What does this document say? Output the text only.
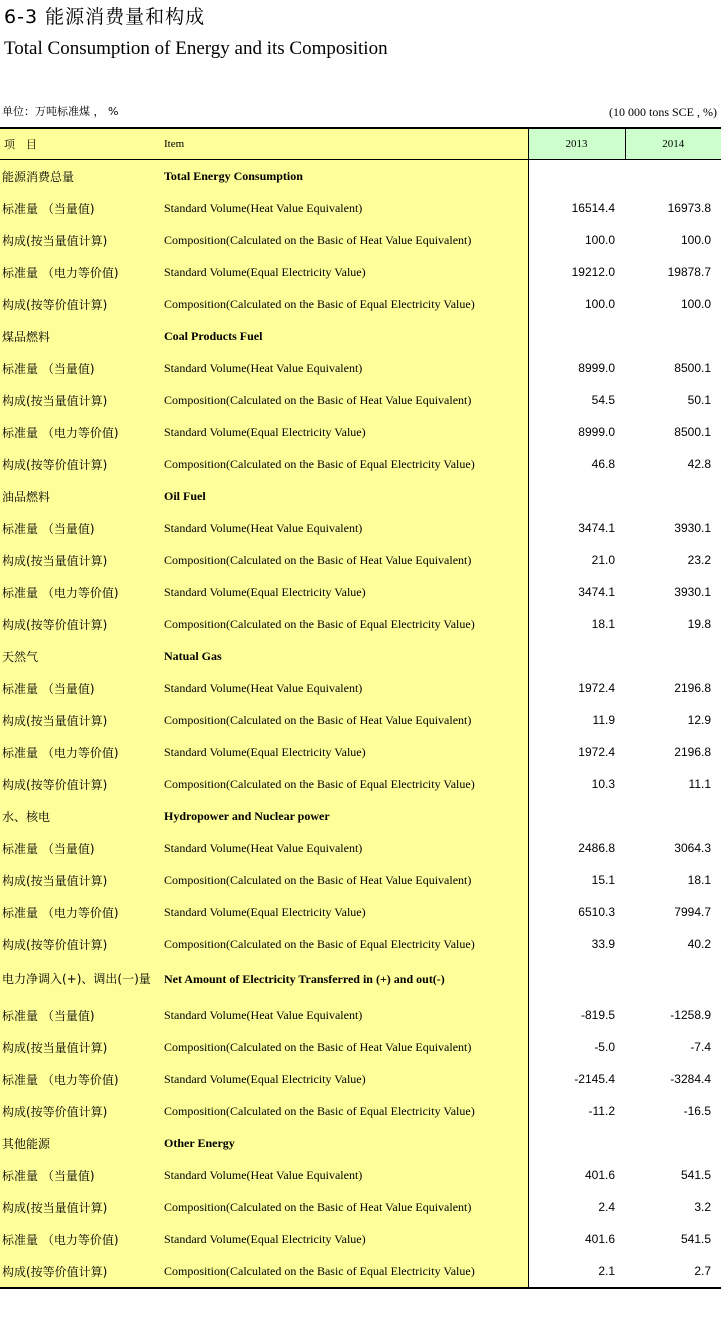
6-3 能源消费量和构成
Total Consumption of Energy and its Composition
单位：万吨标准煤 ， %	(10 000 tons SCE , %)
项　目	Item	2013	2014
能源消费总量	Total Energy Consumption		
标准量 （当量值)	Standard Volume(Heat Value Equivalent)	16514.4	16973.8
构成(按当量值计算)	Composition(Calculated on the Basic of Heat Value Equivalent)	100.0	100.0
标准量 （电力等价值)	Standard Volume(Equal Electricity Value)	19212.0	19878.7
构成(按等价值计算)	Composition(Calculated on the Basic of Equal Electricity Value)	100.0	100.0
煤品燃料	Coal Products Fuel		
标准量 （当量值)	Standard Volume(Heat Value Equivalent)	8999.0	8500.1
构成(按当量值计算)	Composition(Calculated on the Basic of Heat Value Equivalent)	54.5	50.1
标准量 （电力等价值)	Standard Volume(Equal Electricity Value)	8999.0	8500.1
构成(按等价值计算)	Composition(Calculated on the Basic of Equal Electricity Value)	46.8	42.8
油品燃料	Oil Fuel		
标准量 （当量值)	Standard Volume(Heat Value Equivalent)	3474.1	3930.1
构成(按当量值计算)	Composition(Calculated on the Basic of Heat Value Equivalent)	21.0	23.2
标准量 （电力等价值)	Standard Volume(Equal Electricity Value)	3474.1	3930.1
构成(按等价值计算)	Composition(Calculated on the Basic of Equal Electricity Value)	18.1	19.8
天然气	Natual Gas		
标准量 （当量值)	Standard Volume(Heat Value Equivalent)	1972.4	2196.8
构成(按当量值计算)	Composition(Calculated on the Basic of Heat Value Equivalent)	11.9	12.9
标准量 （电力等价值)	Standard Volume(Equal Electricity Value)	1972.4	2196.8
构成(按等价值计算)	Composition(Calculated on the Basic of Equal Electricity Value)	10.3	11.1
水、核电	Hydropower and Nuclear power		
标准量 （当量值)	Standard Volume(Heat Value Equivalent)	2486.8	3064.3
构成(按当量值计算)	Composition(Calculated on the Basic of Heat Value Equivalent)	15.1	18.1
标准量 （电力等价值)	Standard Volume(Equal Electricity Value)	6510.3	7994.7
构成(按等价值计算)	Composition(Calculated on the Basic of Equal Electricity Value)	33.9	40.2
电力净调入(+)、调出(一)量	Net Amount of Electricity Transferred in (+) and out(-)		
标准量 （当量值)	Standard Volume(Heat Value Equivalent)	-819.5	-1258.9
构成(按当量值计算)	Composition(Calculated on the Basic of Heat Value Equivalent)	-5.0	-7.4
标准量 （电力等价值)	Standard Volume(Equal Electricity Value)	-2145.4	-3284.4
构成(按等价值计算)	Composition(Calculated on the Basic of Equal Electricity Value)	-11.2	-16.5
其他能源	Other Energy		
标准量 （当量值)	Standard Volume(Heat Value Equivalent)	401.6	541.5
构成(按当量值计算)	Composition(Calculated on the Basic of Heat Value Equivalent)	2.4	3.2
标准量 （电力等价值)	Standard Volume(Equal Electricity Value)	401.6	541.5
构成(按等价值计算)	Composition(Calculated on the Basic of Equal Electricity Value)	2.1	2.7
